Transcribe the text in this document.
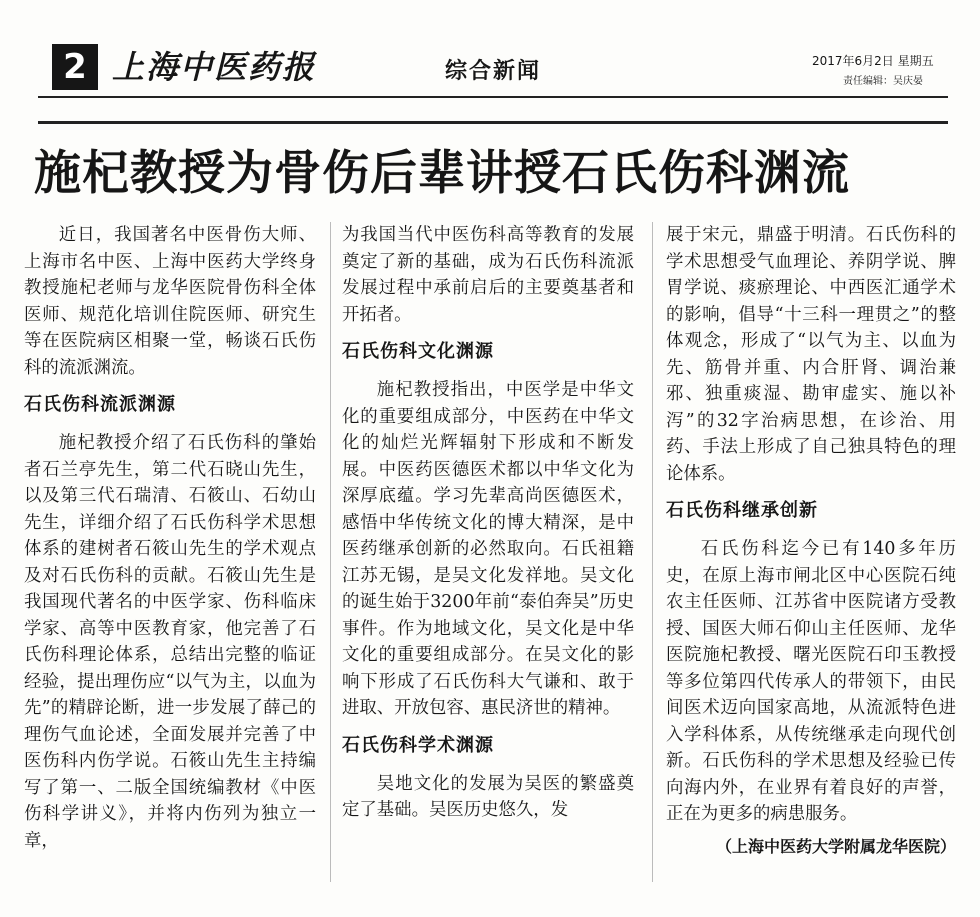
2 上海中医药报	综合新闻	2017年6月2日 星期五
责任编辑：吴庆晏
施杞教授为骨伤后辈讲授石氏伤科渊流

近日，我国著名中医骨伤大师、上海市名中医、上海中医药大学终身教授施杞老师与龙华医院骨伤科全体医师、规范化培训住院医师、研究生等在医院病区相聚一堂，畅谈石氏伤科的流派渊流。

石氏伤科流派渊源

施杞教授介绍了石氏伤科的肇始者石兰亭先生，第二代石晓山先生，以及第三代石瑞清、石筱山、石幼山先生，详细介绍了石氏伤科学术思想体系的建树者石筱山先生的学术观点及对石氏伤科的贡献。石筱山先生是我国现代著名的中医学家、伤科临床学家、高等中医教育家，他完善了石氏伤科理论体系，总结出完整的临证经验，提出理伤应“以气为主，以血为先”的精辟论断，进一步发展了薛己的理伤气血论述，全面发展并完善了中医伤科内伤学说。石筱山先生主持编写了第一、二版全国统编教材《中医伤科学讲义》，并将内伤列为独立一章，

为我国当代中医伤科高等教育的发展奠定了新的基础，成为石氏伤科流派发展过程中承前启后的主要奠基者和开拓者。

石氏伤科文化渊源

施杞教授指出，中医学是中华文化的重要组成部分，中医药在中华文化的灿烂光辉辐射下形成和不断发展。中医药医德医术都以中华文化为深厚底蕴。学习先辈高尚医德医术，感悟中华传统文化的博大精深，是中医药继承创新的必然取向。石氏祖籍江苏无锡，是吴文化发祥地。吴文化的诞生始于3200年前“泰伯奔吴”历史事件。作为地域文化，吴文化是中华文化的重要组成部分。在吴文化的影响下形成了石氏伤科大气谦和、敢于进取、开放包容、惠民济世的精神。

石氏伤科学术渊源

吴地文化的发展为吴医的繁盛奠定了基础。吴医历史悠久，发

展于宋元，鼎盛于明清。石氏伤科的学术思想受气血理论、养阴学说、脾胃学说、痰瘀理论、中西医汇通学术的影响，倡导“十三科一理贯之”的整体观念，形成了“以气为主、以血为先、筋骨并重、内合肝肾、调治兼邪、独重痰湿、勘审虚实、施以补泻”的32字治病思想，在诊治、用药、手法上形成了自己独具特色的理论体系。

石氏伤科继承创新

石氏伤科迄今已有140多年历史，在原上海市闸北区中心医院石纯农主任医师、江苏省中医院诸方受教授、国医大师石仰山主任医师、龙华医院施杞教授、曙光医院石印玉教授等多位第四代传承人的带领下，由民间医术迈向国家高地，从流派特色进入学科体系，从传统继承走向现代创新。石氏伤科的学术思想及经验已传向海内外，在业界有着良好的声誉，正在为更多的病患服务。

（上海中医药大学附属龙华医院）
